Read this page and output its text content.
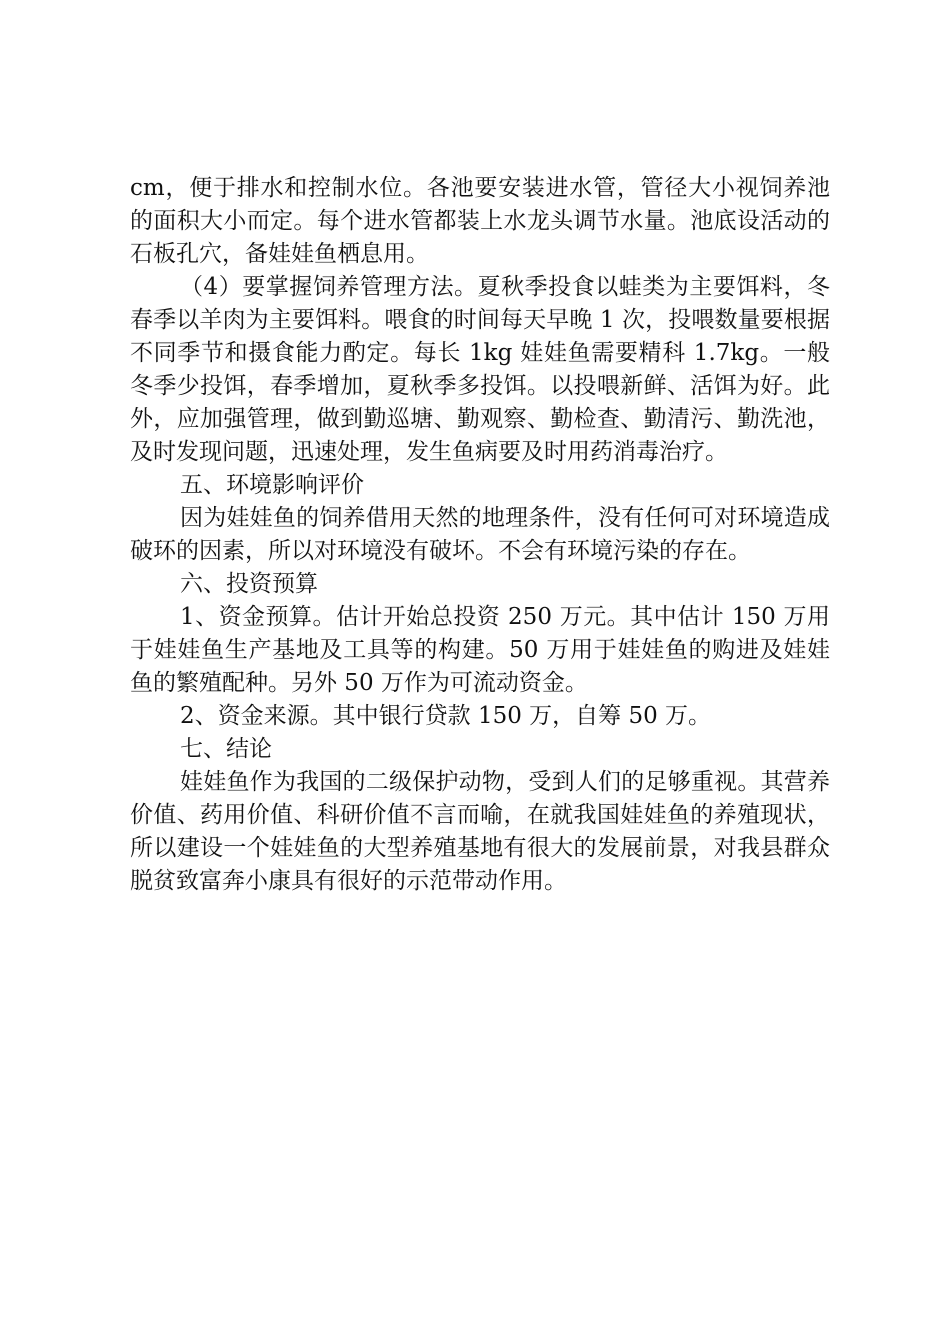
cm，便于排水和控制水位。各池要安装进水管，管径大小视饲养池的面积大小而定。每个进水管都装上水龙头调节水量。池底设活动的石板孔穴，备娃娃鱼栖息用。

（4）要掌握饲养管理方法。夏秋季投食以蛙类为主要饵料，冬春季以羊肉为主要饵料。喂食的时间每天早晚 1 次，投喂数量要根据不同季节和摄食能力酌定。每长 1kg 娃娃鱼需要精科 1.7kg。一般冬季少投饵，春季增加，夏秋季多投饵。以投喂新鲜、活饵为好。此外，应加强管理，做到勤巡塘、勤观察、勤检查、勤清污、勤洗池，及时发现问题，迅速处理，发生鱼病要及时用药消毒治疗。

五、环境影响评价

因为娃娃鱼的饲养借用天然的地理条件，没有任何可对环境造成破环的因素，所以对环境没有破坏。不会有环境污染的存在。

六、投资预算

1、资金预算。估计开始总投资 250 万元。其中估计 150 万用于娃娃鱼生产基地及工具等的构建。50 万用于娃娃鱼的购进及娃娃鱼的繁殖配种。另外 50 万作为可流动资金。

2、资金来源。其中银行贷款 150 万，自筹 50 万。

七、结论

娃娃鱼作为我国的二级保护动物，受到人们的足够重视。其营养价值、药用价值、科研价值不言而喻，在就我国娃娃鱼的养殖现状，所以建设一个娃娃鱼的大型养殖基地有很大的发展前景，对我县群众脱贫致富奔小康具有很好的示范带动作用。
